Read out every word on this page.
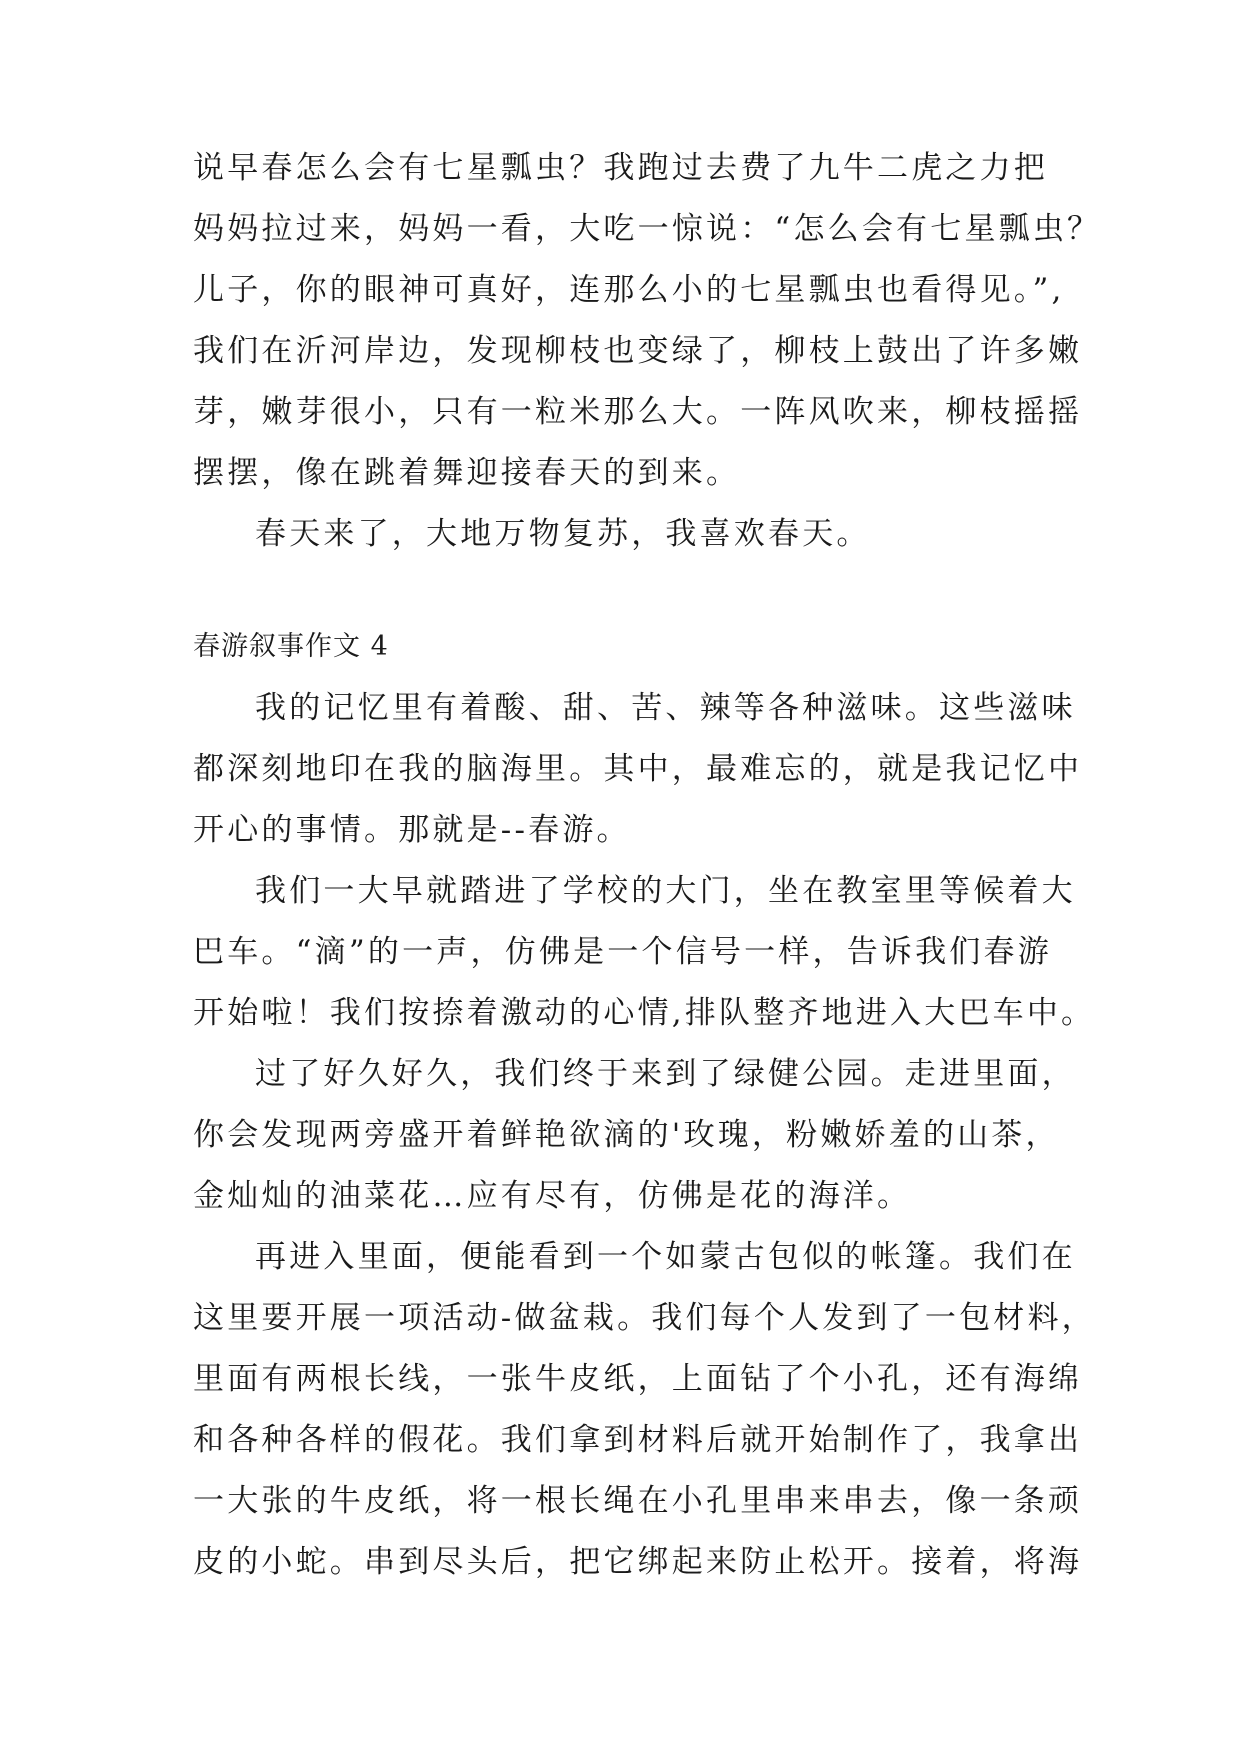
说早春怎么会有七星瓢虫？我跑过去费了九牛二虎之力把
妈妈拉过来，妈妈一看，大吃一惊说：“怎么会有七星瓢虫？
儿子，你的眼神可真好，连那么小的七星瓢虫也看得见。”,
我们在沂河岸边，发现柳枝也变绿了，柳枝上鼓出了许多嫩
芽，嫩芽很小，只有一粒米那么大。一阵风吹来，柳枝摇摇
摆摆，像在跳着舞迎接春天的到来。
春天来了，大地万物复苏，我喜欢春天。
春游叙事作文 4
我的记忆里有着酸、甜、苦、辣等各种滋味。这些滋味
都深刻地印在我的脑海里。其中，最难忘的，就是我记忆中
开心的事情。那就是--春游。
我们一大早就踏进了学校的大门，坐在教室里等候着大
巴车。“滴”的一声，仿佛是一个信号一样，告诉我们春游
开始啦！我们按捺着激动的心情,排队整齐地进入大巴车中。
过了好久好久，我们终于来到了绿健公园。走进里面，
你会发现两旁盛开着鲜艳欲滴的'玫瑰，粉嫩娇羞的山茶，
金灿灿的油菜花…应有尽有，仿佛是花的海洋。
再进入里面，便能看到一个如蒙古包似的帐篷。我们在
这里要开展一项活动-做盆栽。我们每个人发到了一包材料，
里面有两根长线，一张牛皮纸，上面钻了个小孔，还有海绵
和各种各样的假花。我们拿到材料后就开始制作了，我拿出
一大张的牛皮纸，将一根长绳在小孔里串来串去，像一条顽
皮的小蛇。串到尽头后，把它绑起来防止松开。接着，将海
